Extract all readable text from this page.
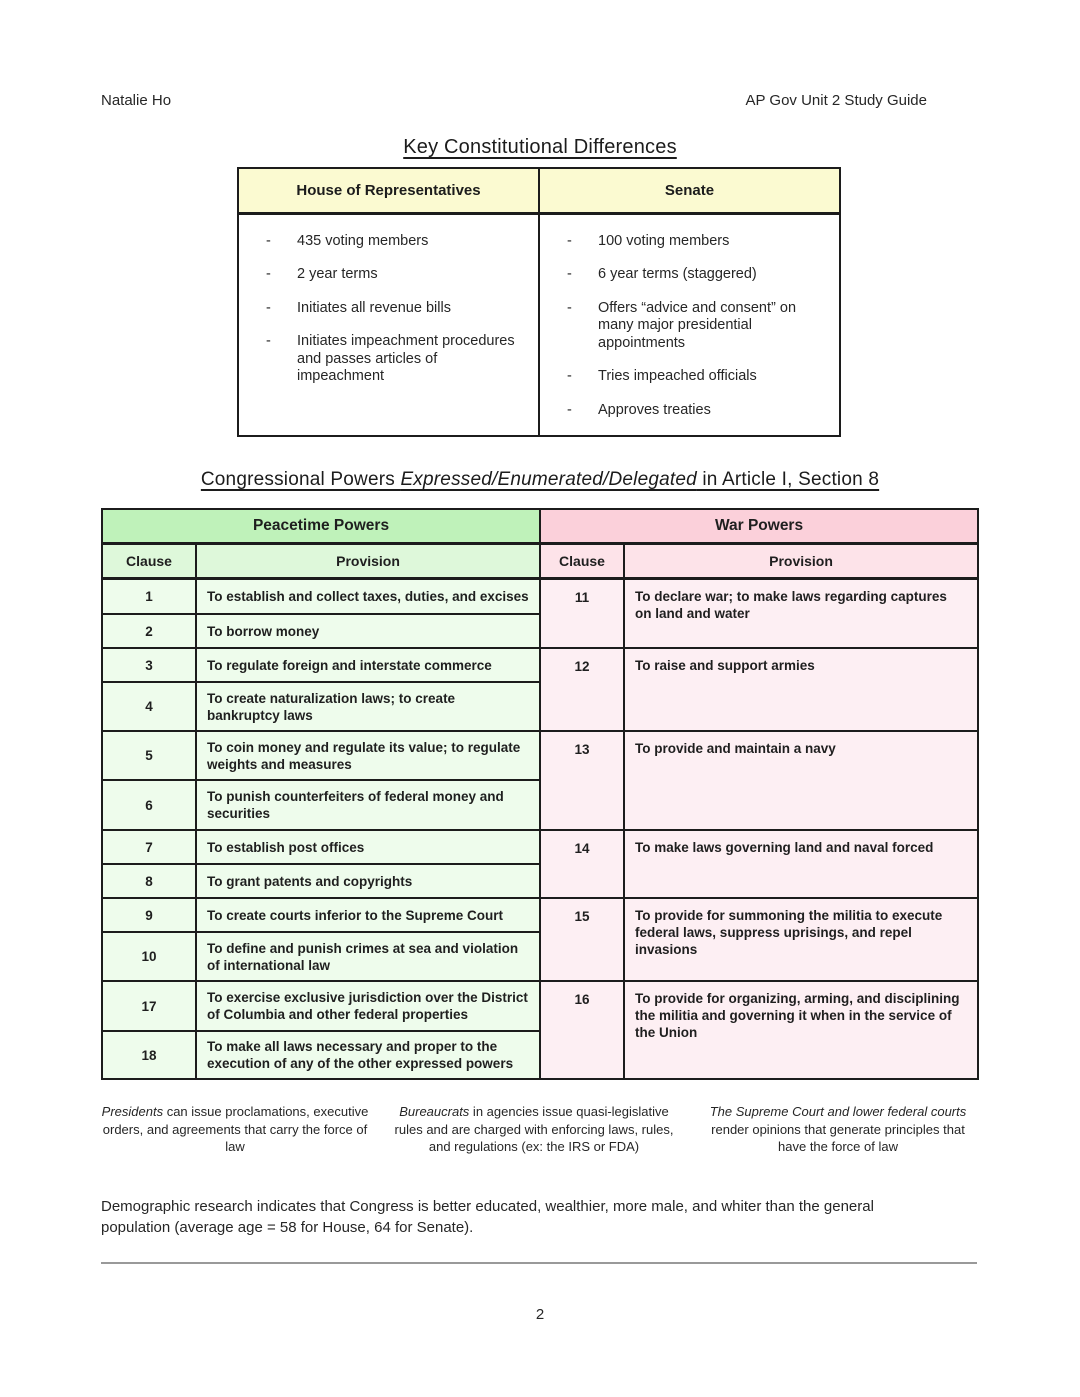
Natalie Ho	AP Gov Unit 2 Study Guide
Key Constitutional Differences
House of Representatives	Senate

-	435 voting members
-	2 year terms
-	Initiates all revenue bills
-	Initiates impeachment procedures and passes articles of impeachment

-	100 voting members
-	6 year terms (staggered)
-	Offers “advice and consent” on many major presidential appointments
-	Tries impeached officials
-	Approves treaties
Congressional Powers Expressed/Enumerated/Delegated in Article I, Section 8
Peacetime Powers		War Powers	
Clause	Provision	Clause	Provision
1	To establish and collect taxes, duties, and excises	11	To declare war; to make laws regarding captures on land and water
2	To borrow money		
3	To regulate foreign and interstate commerce	12	To raise and support armies
4	To create naturalization laws; to create bankruptcy laws		
5	To coin money and regulate its value; to regulate weights and measures	13	To provide and maintain a navy
6	To punish counterfeiters of federal money and securities		
7	To establish post offices	14	To make laws governing land and naval forced
8	To grant patents and copyrights		
9	To create courts inferior to the Supreme Court	15	To provide for summoning the militia to execute federal laws, suppress uprisings, and repel invasions
10	To define and punish crimes at sea and violation of international law		
17	To exercise exclusive jurisdiction over the District of Columbia and other federal properties	16	To provide for organizing, arming, and disciplining the militia and governing it when in the service of the Union
18	To make all laws necessary and proper to the execution of any of the other expressed powers		
Presidents can issue proclamations, executive orders, and agreements that carry the force of law
Bureaucrats in agencies issue quasi-legislative rules and are charged with enforcing laws, rules, and regulations (ex: the IRS or FDA)
The Supreme Court and lower federal courts render opinions that generate principles that have the force of law
Demographic research indicates that Congress is better educated, wealthier, more male, and whiter than the general population (average age = 58 for House, 64 for Senate).
2
